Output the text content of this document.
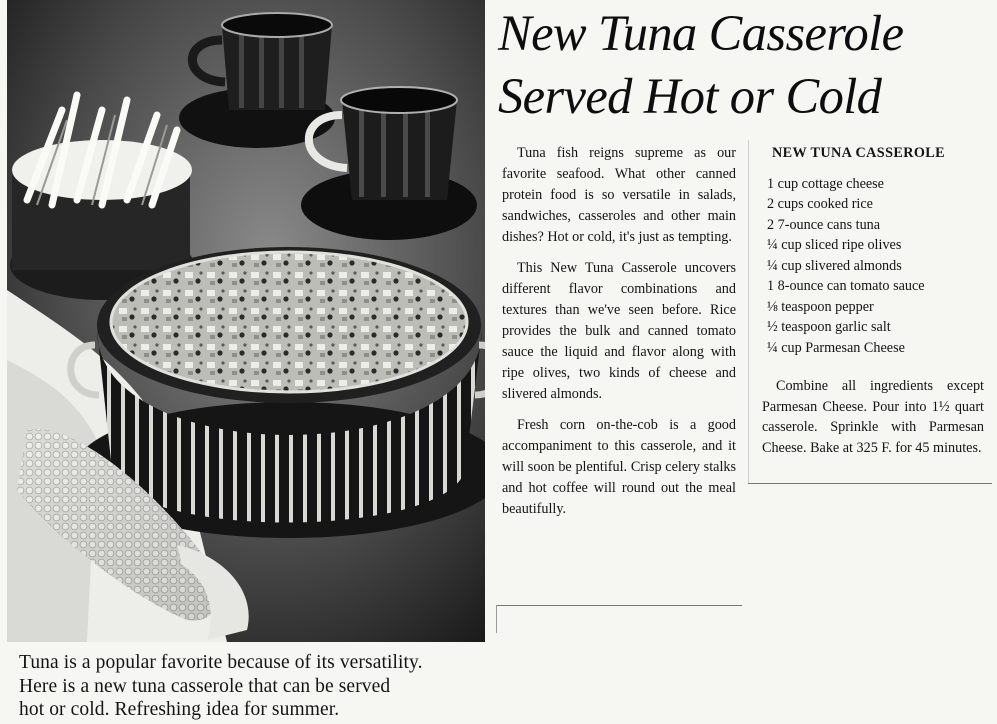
Tuna is a popular favorite because of its versatility.

Here is a new tuna casserole that can be served

hot or cold. Refreshing idea for summer.

New Tuna Casserole
Served Hot or Cold

Tuna fish reigns supreme as our favorite seafood. What other canned protein food is so versatile in salads, sandwiches, casseroles and other main dishes? Hot or cold, it's just as tempting.

This New Tuna Casserole uncovers different flavor combinations and textures than we've seen before. Rice provides the bulk and canned tomato sauce the liquid and flavor along with ripe olives, two kinds of cheese and slivered almonds.

Fresh corn on-the-cob is a good accompaniment to this casserole, and it will soon be plentiful. Crisp celery stalks and hot coffee will round out the meal beautifully.

NEW TUNA CASSEROLE
1 cup cottage cheese
2 cups cooked rice
2 7-ounce cans tuna
¼ cup sliced ripe olives
¼ cup slivered almonds
1 8-ounce can tomato sauce
⅛ teaspoon pepper
½ teaspoon garlic salt
¼ cup Parmesan Cheese

Combine all ingredients except Parmesan Cheese. Pour into 1½ quart casserole. Sprinkle with Parmesan Cheese. Bake at 325 F. for 45 minutes.
